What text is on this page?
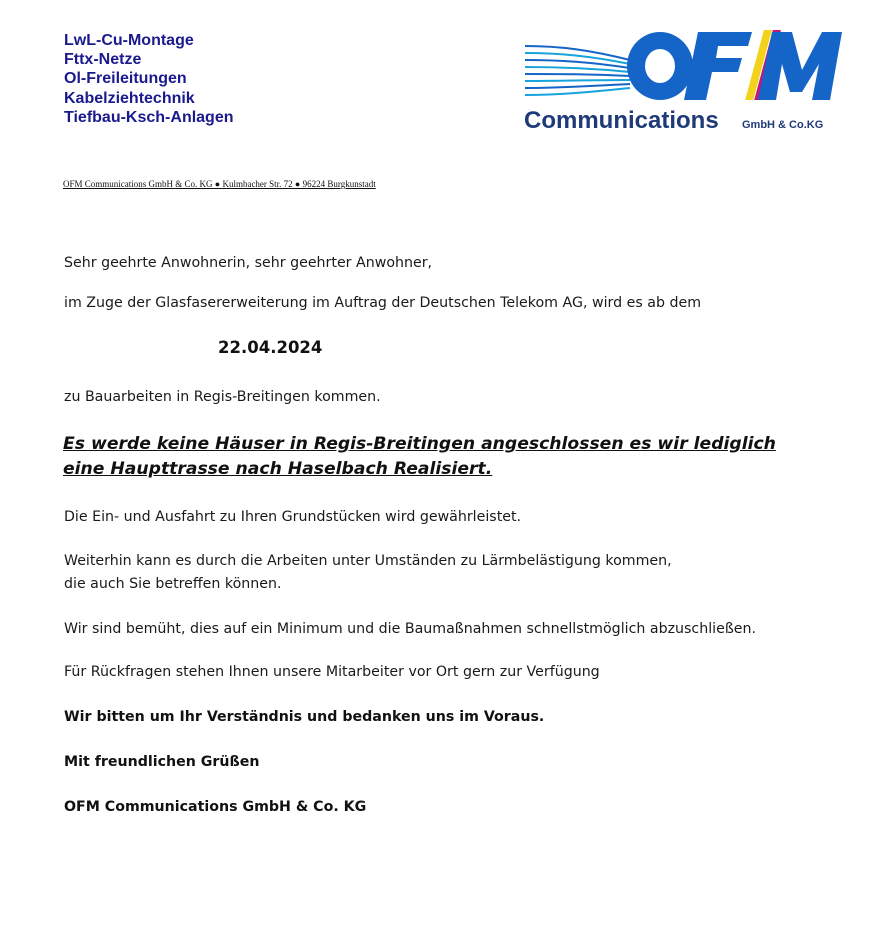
LwL-Cu-Montage
Fttx-Netze
Ol-Freileitungen
Kabelziehtechnik
Tiefbau-Ksch-Anlagen	Communications GmbH & Co.KG
OFM Communications GmbH & Co. KG ● Kulmbacher Str. 72 ● 96224 Burgkunstadt
Sehr geehrte Anwohnerin, sehr geehrter Anwohner,
im Zuge der Glasfasererweiterung im Auftrag der Deutschen Telekom AG, wird es ab dem
22.04.2024
zu Bauarbeiten in Regis-Breitingen kommen.
Es werde keine Häuser in Regis-Breitingen angeschlossen es wir lediglich eine Haupttrasse nach Haselbach Realisiert.
Die Ein- und Ausfahrt zu Ihren Grundstücken wird gewährleistet.
Weiterhin kann es durch die Arbeiten unter Umständen zu Lärmbelästigung kommen,
die auch Sie betreffen können.
Wir sind bemüht, dies auf ein Minimum und die Baumaßnahmen schnellstmöglich abzuschließen.
Für Rückfragen stehen Ihnen unsere Mitarbeiter vor Ort gern zur Verfügung
Wir bitten um Ihr Verständnis und bedanken uns im Voraus.
Mit freundlichen Grüßen
OFM Communications GmbH & Co. KG
